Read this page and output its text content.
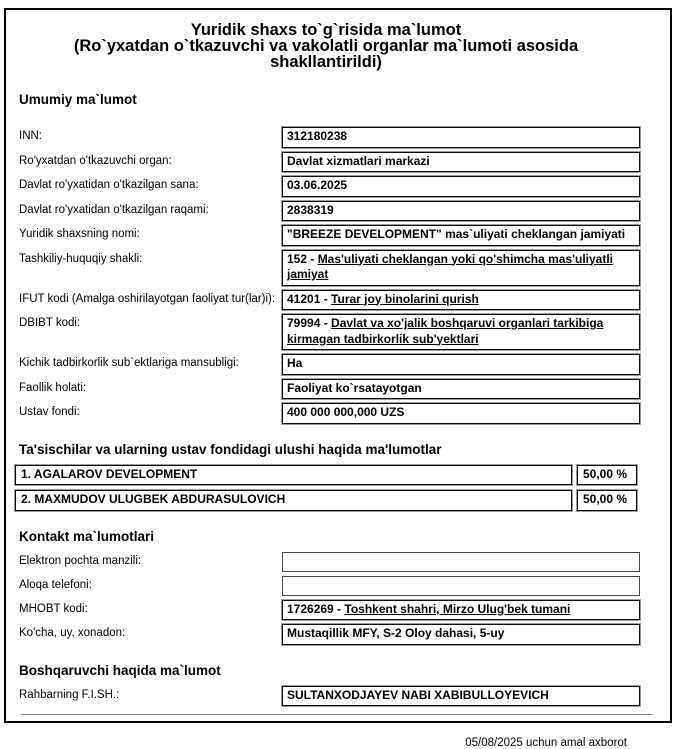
Yuridik shaxs to`g`risida ma`lumot
(Ro`yxatdan o`tkazuvchi va vakolatli organlar ma`lumoti asosida shakllantirildi)
Umumiy ma`lumot
INN:	312180238
Ro'yxatdan o'tkazuvchi organ:	Davlat xizmatlari markazi
Davlat ro'yxatidan o'tkazilgan sana:	03.06.2025
Davlat ro'yxatidan o'tkazilgan raqami:	2838319
Yuridik shaxsning nomi:	"BREEZE DEVELOPMENT" mas`uliyati cheklangan jamiyati
Tashkiliy-huquqiy shakli:	152 - Mas'uliyati cheklangan yoki qo'shimcha mas'uliyatli jamiyat
IFUT kodi (Amalga oshirilayotgan faoliyat tur(lar)i): 41201 - Turar joy binolarini qurish
DBIBT kodi:	79994 - Davlat va xo'jalik boshqaruvi organlari tarkibiga kirmagan tadbirkorlik sub'yektlari
Kichik tadbirkorlik sub`ektlariga mansubligi:	Ha
Faollik holati:	Faoliyat ko`rsatayotgan
Ustav fondi:	400 000 000,000 UZS
Ta'sischilar va ularning ustav fondidagi ulushi haqida ma'lumotlar
1. AGALAROV DEVELOPMENT	50,00 %
2. MAXMUDOV ULUGBEK ABDURASULOVICH	50,00 %
Kontakt ma`lumotlari
Elektron pochta manzili:
Aloqa telefoni:
MHOBT kodi:	1726269 - Toshkent shahri, Mirzo Ulug'bek tumani
Ko'cha, uy, xonadon:	Mustaqillik MFY, S-2 Oloy dahasi, 5-uy
Boshqaruvchi haqida ma`lumot
Rahbarning F.I.SH.:	SULTANXODJAYEV NABI XABIBULLOYEVICH
05/08/2025 uchun amal axborot
